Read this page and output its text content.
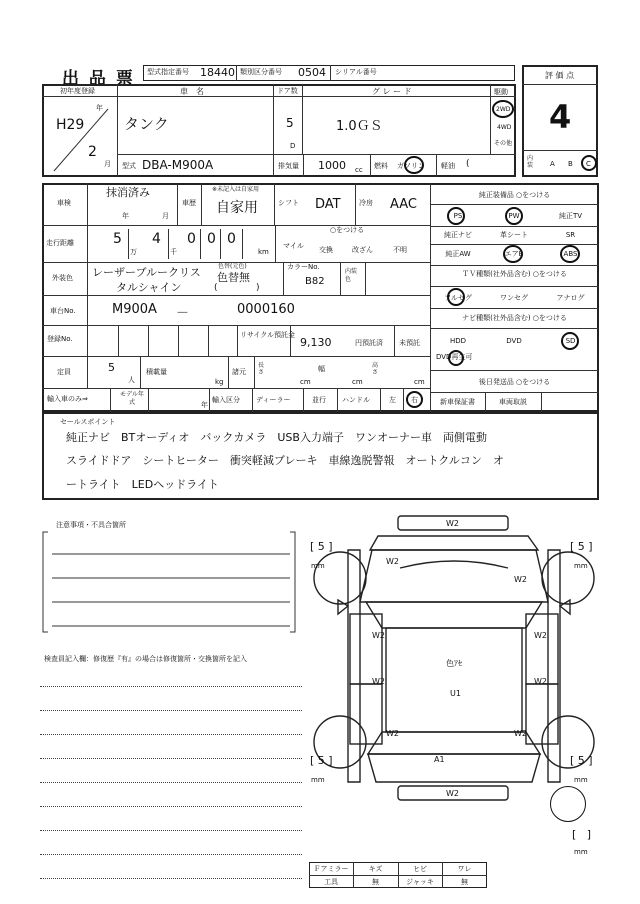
出 品 票 型式指定番号 18440 類別区分番号 0504 シリアル番号	評 価 点
4
内装 A B C
初年度登録
H29
年
2
月
車　名
タンク
ドア数
5
D
グ レ ー ド
1.0ＧＳ
駆動
2WD
4WD
その他
型式 DBA-M900A	排気量 1000 cc 燃料 ガソリン 軽油 (
車検
抹消済み
年	月
車歴
※未記入は自家用
自家用	シフト DAT	冷房 AAC
走行距離	5
万
4
千
0 0 0
km
○をつける
マイル 交換	改ざん	不明
外装色 レーザーブルークリス
タルシャイン
色替(元色)
色替無
(	)
カラーNo.
B82
内装色
車台No.	M900A －	0000160
登録No.	リサイクル預託金
9,130	円預託済 未預託
定員	5
人
積載量
kg
諸元
長さ
cm
幅
cm
高さ
cm
輸入車のみ⇒
モデル年式	年
輸入区分 ディーラー	並行 ハンドル	左 右
純正装備品 ○をつける
PS	PW	純正TV
純正ナビ	革シート	SR
純正AW	エアB	ABS
ＴＶ種類(社外品含む) ○をつける
フルセグ	ワンセグ	アナログ
ナビ種類(社外品含む) ○をつける
HDD	DVD	SD
DVD再生可
後日発送品 ○をつける
新車保証書	車両取説
セールスポイント
純正ナビ　BTオーディオ　バックカメラ　USB入力端子　ワンオーナー車　両側電動
スライドドア　シートヒーター　衝突軽減ブレーキ　車線逸脱警報　オートクルコン　オ
ートライト　LEDヘッドライト
注意事項・不具合箇所
検査員記入欄：修復歴『有』の場合は修復箇所・交換箇所を記入
W2
W2
W2
W2	W2
W2	W2
W2	W2
色ｱｾ
U1
A1
W2
[ 5 ]
mm
[ 5 ]
mm
[ 5 ]
mm
[ 5 ]
mm
[   ]
mm
Ｆアミラー	キズ	ヒビ	ワレ
工具	無	ジャッキ	無
